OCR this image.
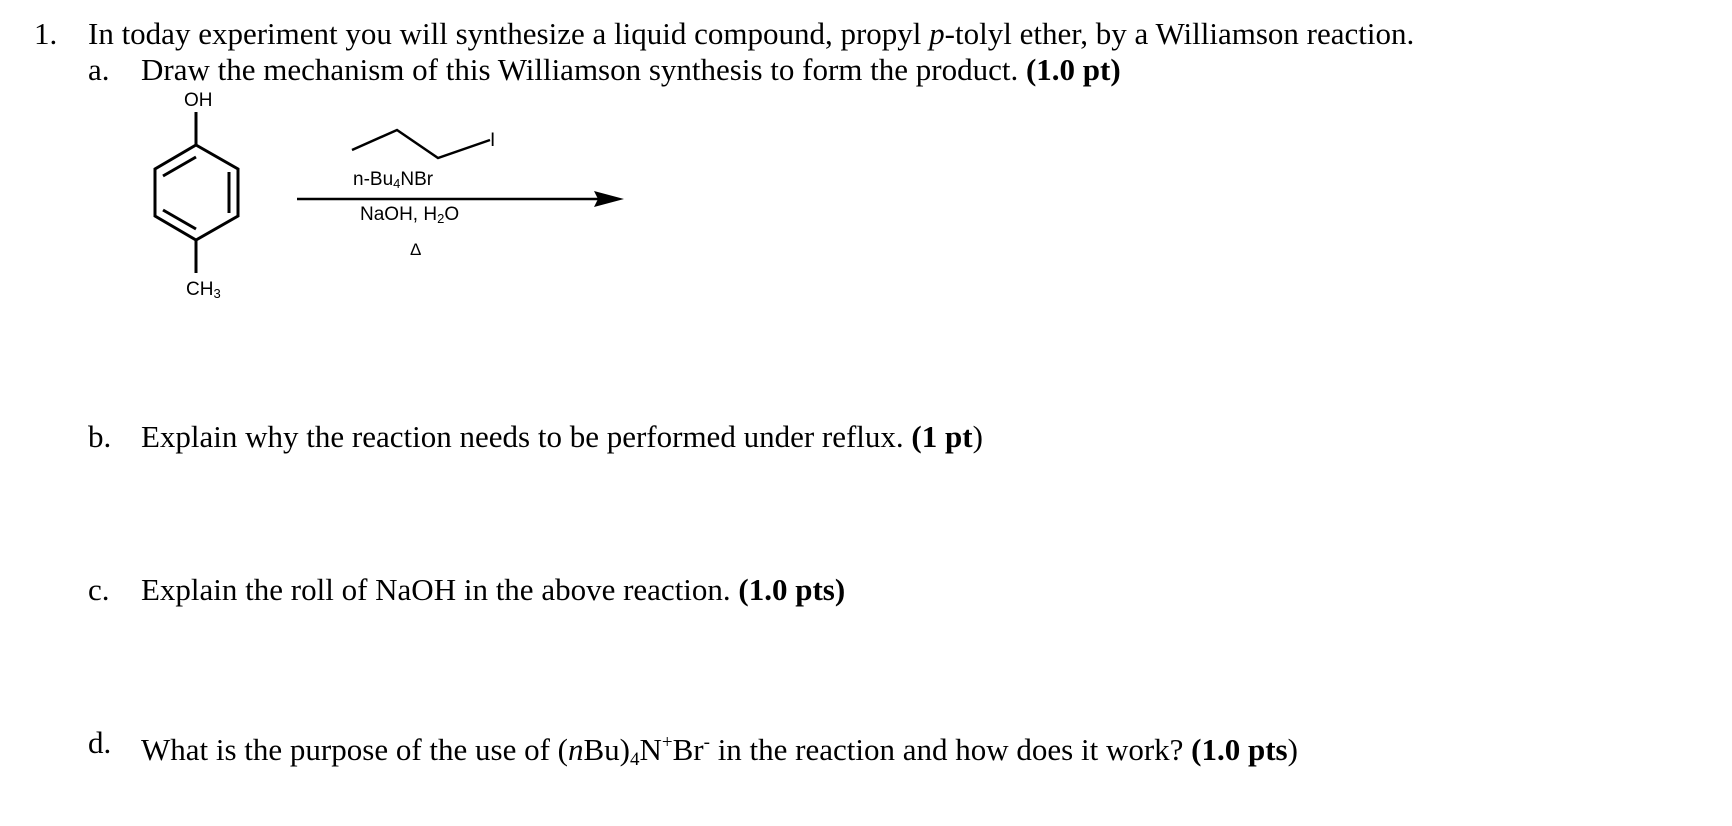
1. In today experiment you will synthesize a liquid compound, propyl p-tolyl ether, by a Williamson reaction.
a. Draw the mechanism of this Williamson synthesis to form the product. (1.0 pt)
OH
$CH_3$
I
$n-Bu_4NBr$
NaOH, $H_2O$
Δ
b. Explain why the reaction needs to be performed under reflux. (1 pt)
c. Explain the roll of NaOH in the above reaction. (1.0 pts)
d. What is the purpose of the use of (nBu)4N+Br- in the reaction and how does it work? (1.0 pts)
